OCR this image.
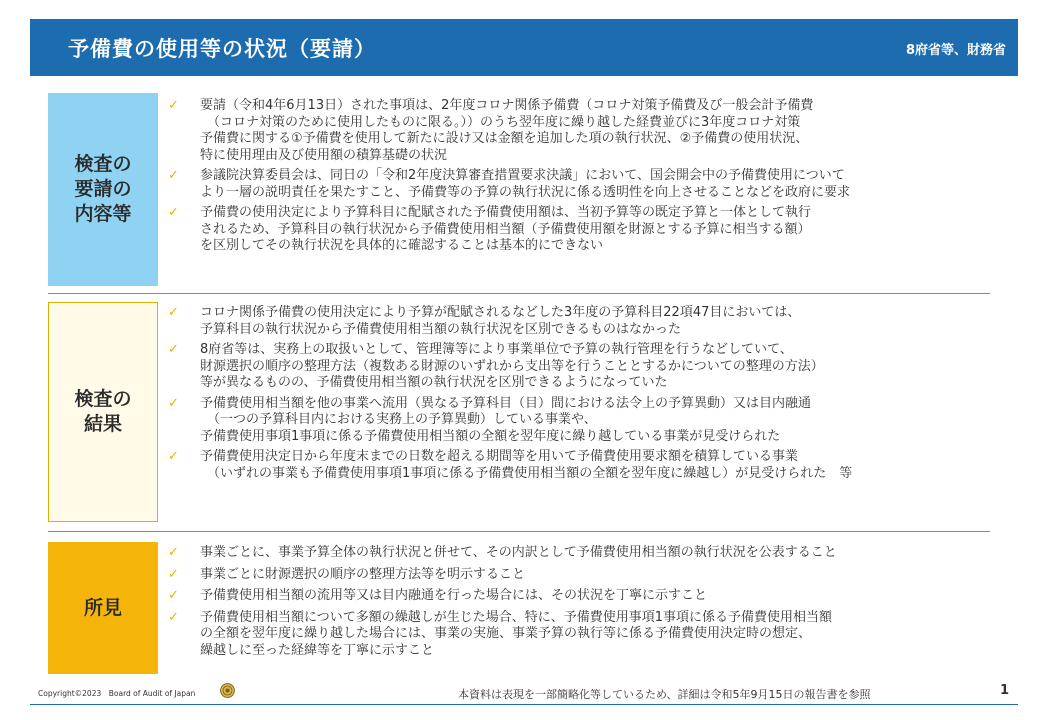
予備費の使用等の状況（要請）	8府省等、財務省
検査の
要請の
内容等
検査の
結果
所見
✓ 要請（令和4年6月13日）された事項は、2年度コロナ関係予備費（コロナ対策予備費及び一般会計予備費
（コロナ対策のために使用したものに限る。））のうち翌年度に繰り越した経費並びに3年度コロナ対策
予備費に関する①予備費を使用して新たに設け又は金額を追加した項の執行状況、②予備費の使用状況、
特に使用理由及び使用額の積算基礎の状況
✓ 参議院決算委員会は、同日の「令和2年度決算審査措置要求決議」において、国会開会中の予備費使用について
より一層の説明責任を果たすこと、予備費等の予算の執行状況に係る透明性を向上させることなどを政府に要求
✓ 予備費の使用決定により予算科目に配賦された予備費使用額は、当初予算等の既定予算と一体として執行
されるため、予算科目の執行状況から予備費使用相当額（予備費使用額を財源とする予算に相当する額）
を区別してその執行状況を具体的に確認することは基本的にできない
✓ コロナ関係予備費の使用決定により予算が配賦されるなどした3年度の予算科目22項47目においては、
予算科目の執行状況から予備費使用相当額の執行状況を区別できるものはなかった
✓ 8府省等は、実務上の取扱いとして、管理簿等により事業単位で予算の執行管理を行うなどしていて、
財源選択の順序の整理方法（複数ある財源のいずれから支出等を行うこととするかについての整理の方法）
等が異なるものの、予備費使用相当額の執行状況を区別できるようになっていた
✓ 予備費使用相当額を他の事業へ流用（異なる予算科目（目）間における法令上の予算異動）又は目内融通
（一つの予算科目内における実務上の予算異動）している事業や、
予備費使用事項1事項に係る予備費使用相当額の全額を翌年度に繰り越している事業が見受けられた
✓ 予備費使用決定日から年度末までの日数を超える期間等を用いて予備費使用要求額を積算している事業
（いずれの事業も予備費使用事項1事項に係る予備費使用相当額の全額を翌年度に繰越し）が見受けられた　等
✓ 事業ごとに、事業予算全体の執行状況と併せて、その内訳として予備費使用相当額の執行状況を公表すること
✓ 事業ごとに財源選択の順序の整理方法等を明示すること
✓ 予備費使用相当額の流用等又は目内融通を行った場合には、その状況を丁寧に示すこと
✓ 予備費使用相当額について多額の繰越しが生じた場合、特に、予備費使用事項1事項に係る予備費使用相当額
の全額を翌年度に繰り越した場合には、事業の実施、事業予算の執行等に係る予備費使用決定時の想定、
繰越しに至った経緯等を丁寧に示すこと
Copyright©2023　Board of Audit of Japan	本資料は表現を一部簡略化等しているため、詳細は令和5年9月15日の報告書を参照	1
